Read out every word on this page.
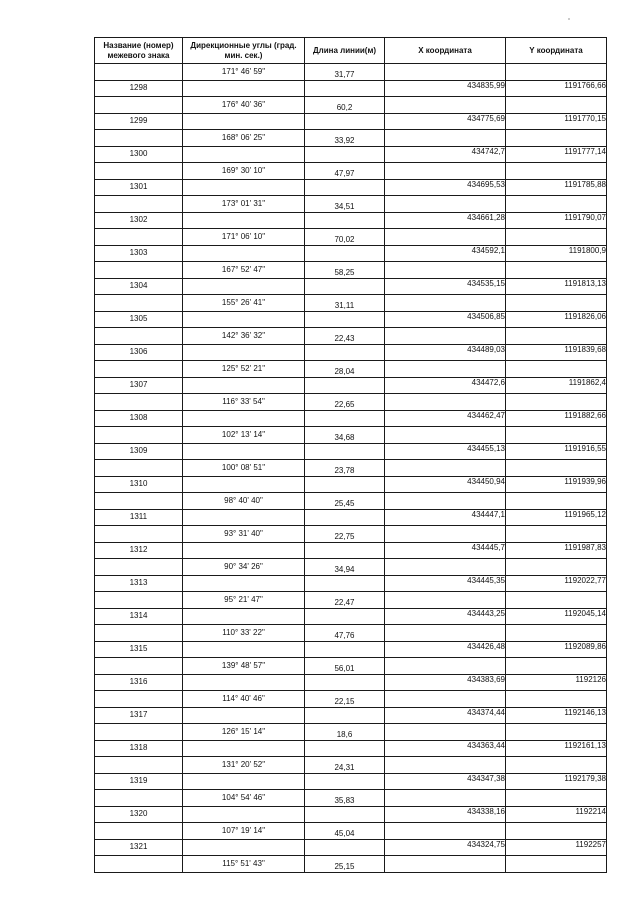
Название (номер) межевого знака	Дирекционные углы (град. мин. сек.)	Длина линии(м)	X координата	Y координата
	171° 46' 59"	31,77		
1298			434835,99	1191766,66
	176° 40' 36"	60,2		
1299			434775,69	1191770,15
	168° 06' 25"	33,92		
1300			434742,7	1191777,14
	169° 30' 10"	47,97		
1301			434695,53	1191785,88
	173° 01' 31"	34,51		
1302			434661,28	1191790,07
	171° 06' 10"	70,02		
1303			434592,1	1191800,9
	167° 52' 47"	58,25		
1304			434535,15	1191813,13
	155° 26' 41"	31,11		
1305			434506,85	1191826,06
	142° 36' 32"	22,43		
1306			434489,03	1191839,68
	125° 52' 21"	28,04		
1307			434472,6	1191862,4
	116° 33' 54"	22,65		
1308			434462,47	1191882,66
	102° 13' 14"	34,68		
1309			434455,13	1191916,55
	100° 08' 51"	23,78		
1310			434450,94	1191939,96
	98° 40' 40"	25,45		
1311			434447,1	1191965,12
	93° 31' 40"	22,75		
1312			434445,7	1191987,83
	90° 34' 26"	34,94		
1313			434445,35	1192022,77
	95° 21' 47"	22,47		
1314			434443,25	1192045,14
	110° 33' 22"	47,76		
1315			434426,48	1192089,86
	139° 48' 57"	56,01		
1316			434383,69	1192126
	114° 40' 46"	22,15		
1317			434374,44	1192146,13
	126° 15' 14"	18,6		
1318			434363,44	1192161,13
	131° 20' 52"	24,31		
1319			434347,38	1192179,38
	104° 54' 46"	35,83		
1320			434338,16	1192214
	107° 19' 14"	45,04		
1321			434324,75	1192257
	115° 51' 43"	25,15		
